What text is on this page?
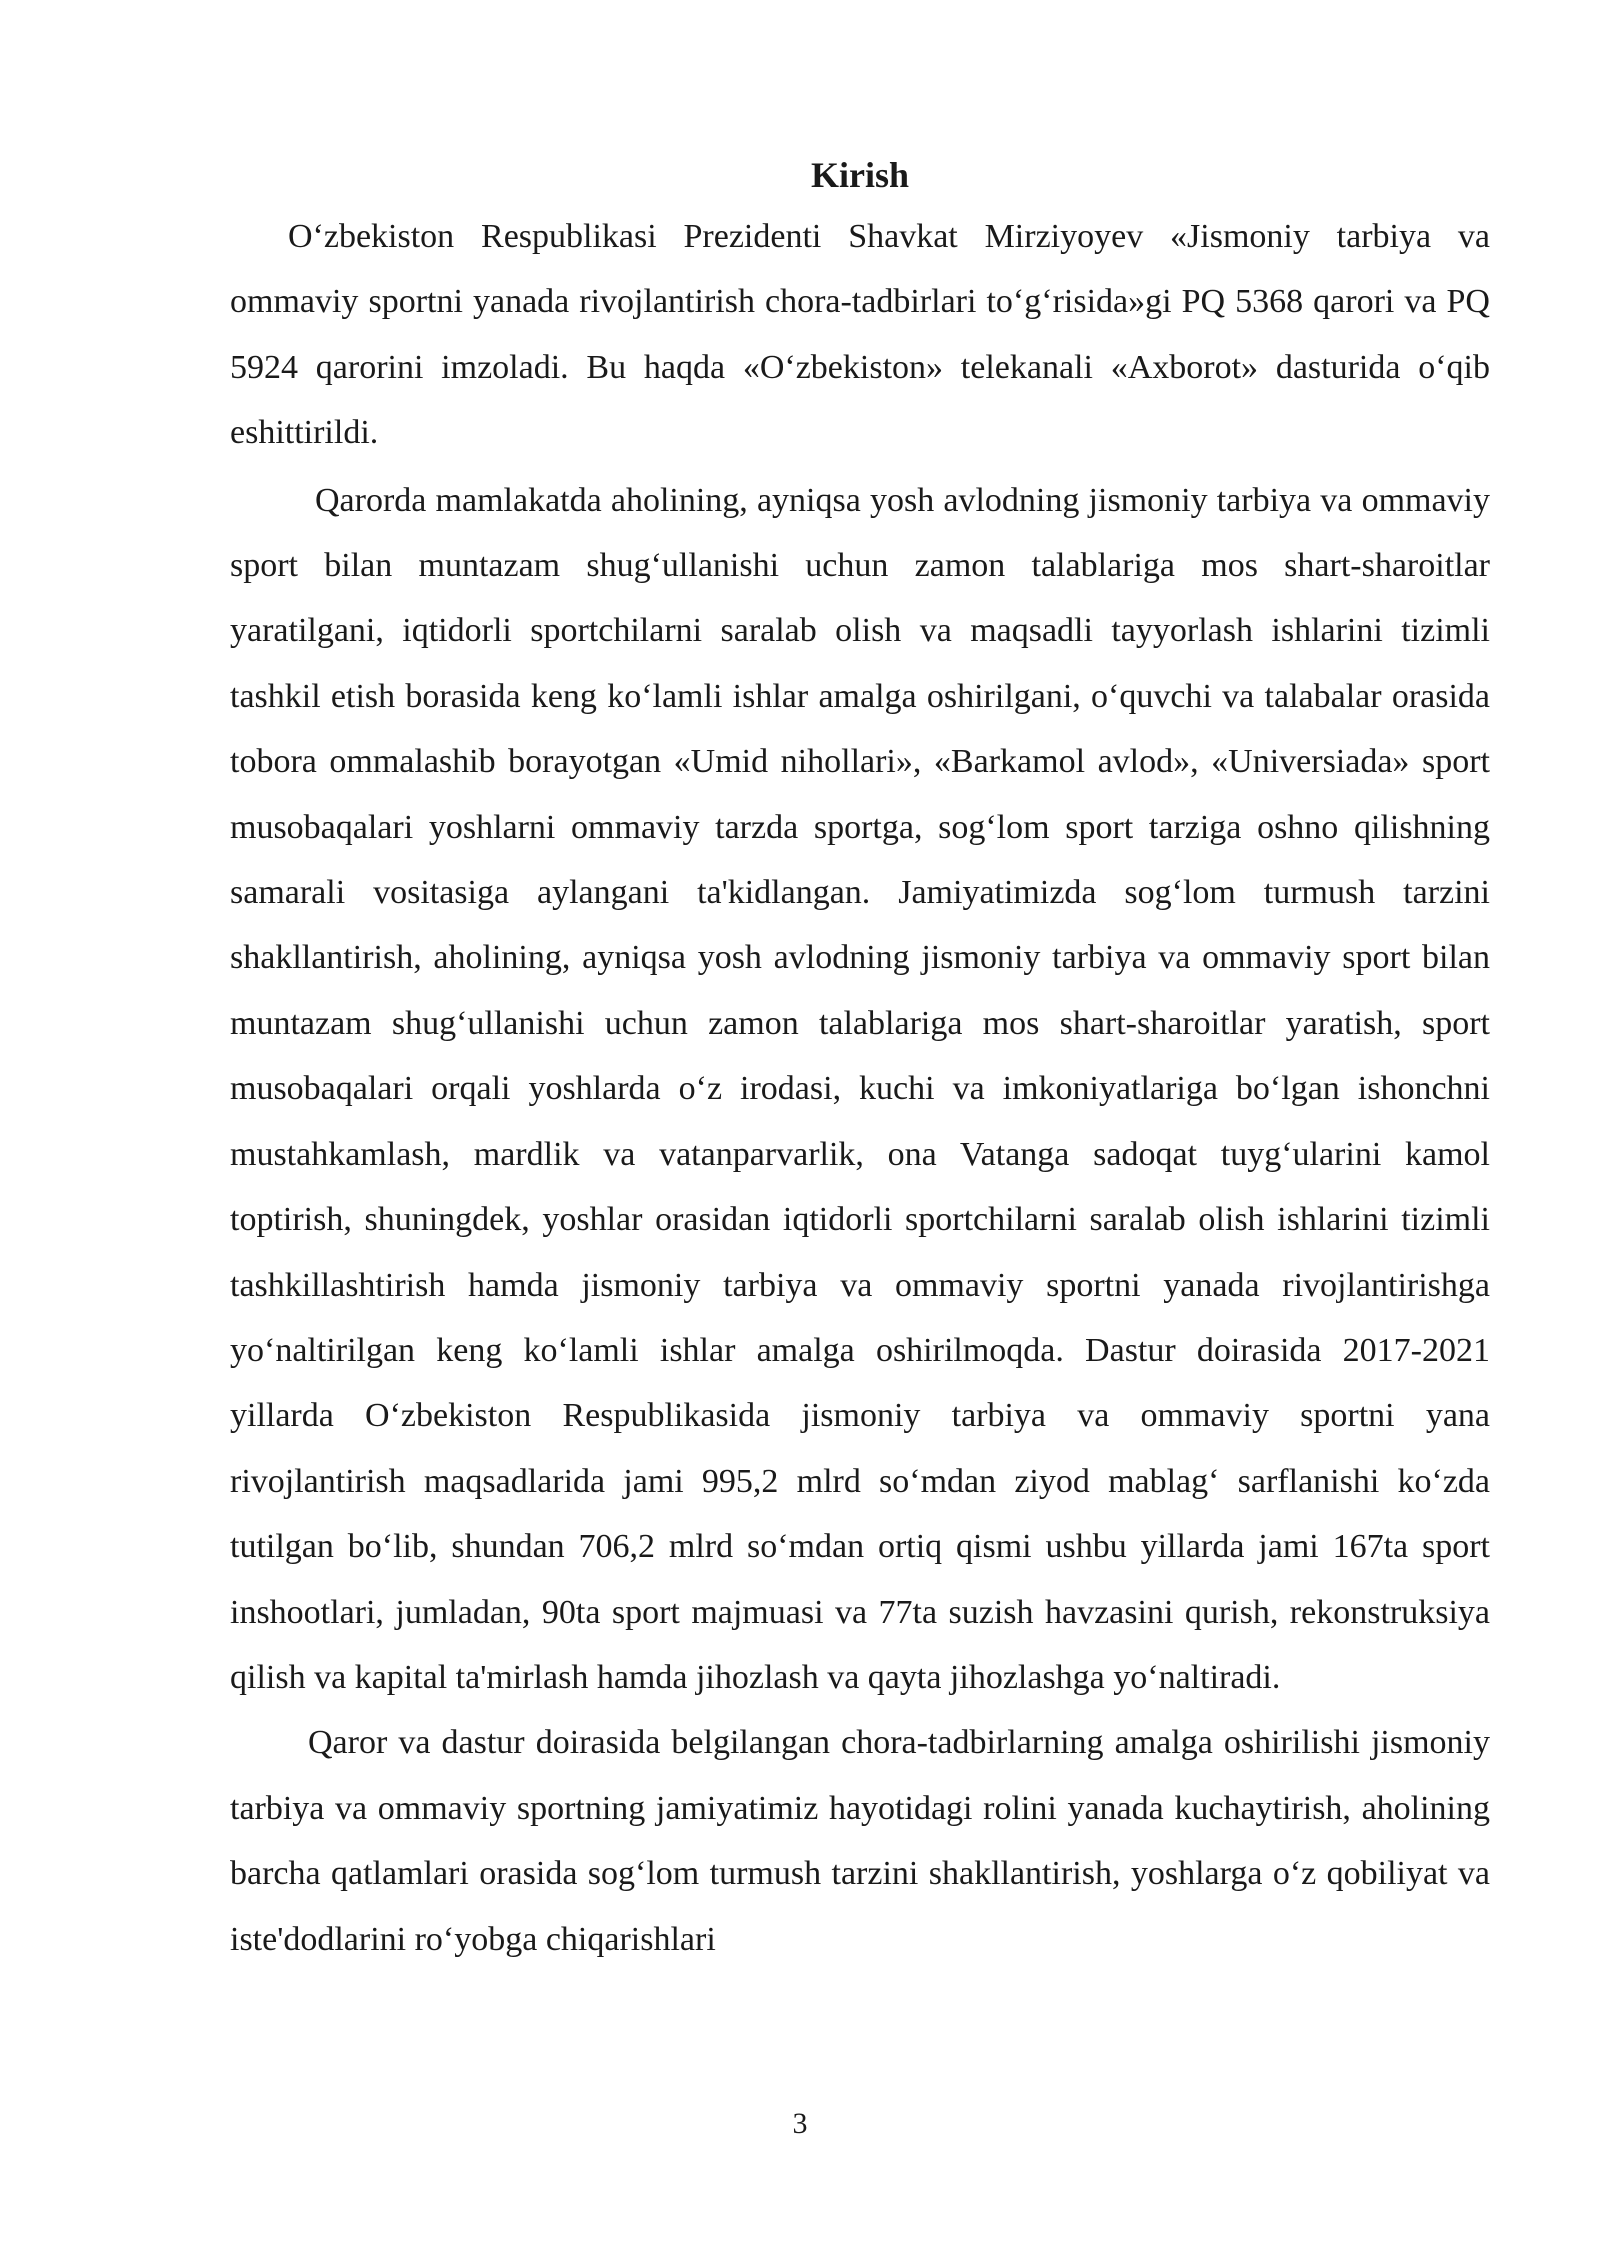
Kirish

O‘zbekiston Respublikasi Prezidenti Shavkat Mirziyoyev «Jismoniy tarbiya va ommaviy sportni yanada rivojlantirish chora-tadbirlari to‘g‘risida»gi PQ 5368 qarori va PQ 5924 qarorini imzoladi. Bu haqda «O‘zbekiston» telekanali «Axborot» dasturida o‘qib eshittirildi.

Qarorda mamlakatda aholining, ayniqsa yosh avlodning jismoniy tarbiya va ommaviy sport bilan muntazam shug‘ullanishi uchun zamon talablariga mos shart-sharoitlar yaratilgani, iqtidorli sportchilarni saralab olish va maqsadli tayyorlash ishlarini tizimli tashkil etish borasida keng ko‘lamli ishlar amalga oshirilgani, o‘quvchi va talabalar orasida tobora ommalashib borayotgan «Umid nihollari», «Barkamol avlod», «Universiada» sport musobaqalari yoshlarni ommaviy tarzda sportga, sog‘lom sport tarziga oshno qilishning samarali vositasiga aylangani ta'kidlangan. Jamiyatimizda sog‘lom turmush tarzini shakllantirish, aholining, ayniqsa yosh avlodning jismoniy tarbiya va ommaviy sport bilan muntazam shug‘ullanishi uchun zamon talablariga mos shart-sharoitlar yaratish, sport musobaqalari orqali yoshlarda o‘z irodasi, kuchi va imkoniyatlariga bo‘lgan ishonchni mustahkamlash, mardlik va vatanparvarlik, ona Vatanga sadoqat tuyg‘ularini kamol toptirish, shuningdek, yoshlar orasidan iqtidorli sportchilarni saralab olish ishlarini tizimli tashkillashtirish hamda jismoniy tarbiya va ommaviy sportni yanada rivojlantirishga yo‘naltirilgan keng ko‘lamli ishlar amalga oshirilmoqda. Dastur doirasida 2017-2021 yillarda O‘zbekiston Respublikasida jismoniy tarbiya va ommaviy sportni yana rivojlantirish maqsadlarida jami 995,2 mlrd so‘mdan ziyod mablag‘ sarflanishi ko‘zda tutilgan bo‘lib, shundan 706,2 mlrd so‘mdan ortiq qismi ushbu yillarda jami 167ta sport inshootlari, jumladan, 90ta sport majmuasi va 77ta suzish havzasini qurish, rekonstruksiya qilish va kapital ta'mirlash hamda jihozlash va qayta jihozlashga yo‘naltiradi.

Qaror va dastur doirasida belgilangan chora-tadbirlarning amalga oshirilishi jismoniy tarbiya va ommaviy sportning jamiyatimiz hayotidagi rolini yanada kuchaytirish, aholining barcha qatlamlari orasida sog‘lom turmush tarzini shakllantirish, yoshlarga o‘z qobiliyat va iste'dodlarini ro‘yobga chiqarishlari

3
